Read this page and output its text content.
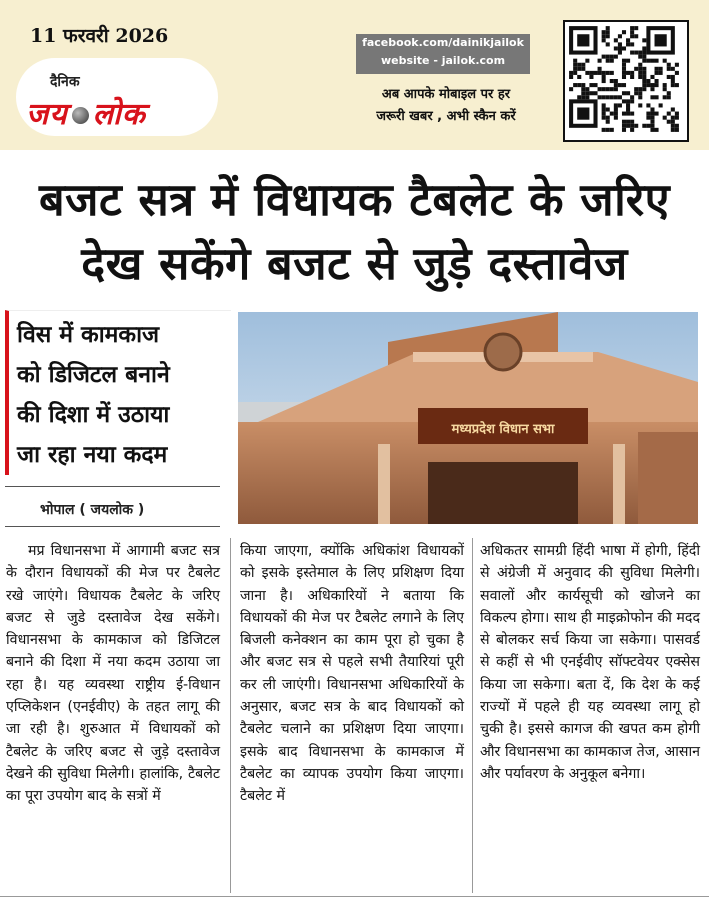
11 फरवरी 2026
दैनिक
जय लोक
facebook.com/dainikjailok
website - jailok.com
अब आपके मोबाइल पर हर
जरूरी खबर , अभी स्कैन करें
बजट सत्र में विधायक टैबलेट के जरिए
देख सकेंगे बजट से जुड़े दस्तावेज
विस में कामकाज
को डिजिटल बनाने
की दिशा में उठाया
जा रहा नया कदम
भोपाल ( जयलोक )
मध्यप्रदेश विधान सभा
मप्र विधानसभा में आगामी बजट सत्र के दौरान विधायकों की मेज पर टैबलेट रखे जाएंगे। विधायक टैबलेट के जरिए बजट से जुडे दस्तावेज देख सकेंगे। विधानसभा के कामकाज को डिजिटल बनाने की दिशा में नया कदम उठाया जा रहा है। यह व्यवस्था राष्ट्रीय ई-विधान एप्लिकेशन (एनईवीए) के तहत लागू की जा रही है। शुरुआत में विधायकों को टैबलेट के जरिए बजट से जुड़े दस्तावेज देखने की सुविधा मिलेगी। हालांकि, टैबलेट का पूरा उपयोग बाद के सत्रों में
किया जाएगा, क्योंकि अधिकांश विधायकों को इसके इस्तेमाल के लिए प्रशिक्षण दिया जाना है। अधिकारियों ने बताया कि विधायकों की मेज पर टैबलेट लगाने के लिए बिजली कनेक्शन का काम पूरा हो चुका है और बजट सत्र से पहले सभी तैयारियां पूरी कर ली जाएंगी। विधानसभा अधिकारियों के अनुसार, बजट सत्र के बाद विधायकों को टैबलेट चलाने का प्रशिक्षण दिया जाएगा। इसके बाद विधानसभा के कामकाज में टैबलेट का व्यापक उपयोग किया जाएगा। टैबलेट में
अधिकतर सामग्री हिंदी भाषा में होगी, हिंदी से अंग्रेजी में अनुवाद की सुविधा मिलेगी। सवालों और कार्यसूची को खोजने का विकल्प होगा। साथ ही माइक्रोफोन की मदद से बोलकर सर्च किया जा सकेगा। पासवर्ड से कहीं से भी एनईवीए सॉफ्टवेयर एक्सेस किया जा सकेगा। बता दें, कि देश के कई राज्यों में पहले ही यह व्यवस्था लागू हो चुकी है। इससे कागज की खपत कम होगी और विधानसभा का कामकाज तेज, आसान और पर्यावरण के अनुकूल बनेगा।
